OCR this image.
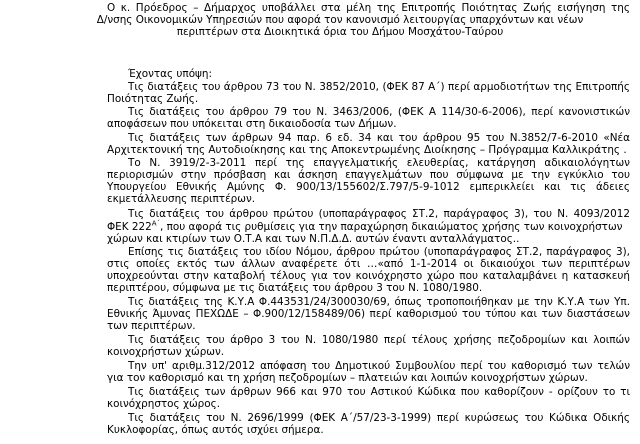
Ο κ. Πρόεδρος – Δήμαρχος υποβάλλει στα μέλη της Επιτροπής Ποιότητας Ζωής εισήγηση της

Δ/νσης Οικονομικών Υπηρεσιών που αφορά τον κανονισμό λειτουργίας υπαρχόντων και νέων

περιπτέρων στα Διοικητικά όρια του Δήμου Μοσχάτου-Ταύρου

Έχοντας υπόψη:

Τις διατάξεις του άρθρου 73 του Ν. 3852/2010, (ΦΕΚ 87 Α΄) περί αρμοδιοτήτων της Επιτροπής

Ποιότητας Ζωής.

Τις διατάξεις του άρθρου 79 του Ν. 3463/2006, (ΦΕΚ Α 114/30-6-2006), περί κανονιστικών

αποφάσεων που υπόκειται στη δικαιοδοσία των Δήμων.

Τις διατάξεις των άρθρων 94 παρ. 6 εδ. 34 και του άρθρου 95 του Ν.3852/7-6-2010 «Νέα

Αρχιτεκτονική της Αυτοδιοίκησης και της Αποκεντρωμένης Διοίκησης – Πρόγραμμα Καλλικράτης .

Το Ν. 3919/2-3-2011 περί της επαγγελματικής ελευθερίας, κατάργηση αδικαιολόγητων

περιορισμών στην πρόσβαση και άσκηση επαγγελμάτων που σύμφωνα με την εγκύκλιο του

Υπουργείου Εθνικής Αμύνης Φ. 900/13/155602/Σ.797/5-9-1012 εμπερικλείει και τις άδειες

εκμετάλλευσης περιπτέρων.

Τις διατάξεις του άρθρου πρώτου (υποπαράγραφος ΣΤ.2, παράγραφος 3), του Ν. 4093/2012

ΦΕΚ $222^{A΄}$, που αφορά τις ρυθμίσεις για την παραχώρηση δικαιώματος χρήσης των κοινοχρήστων

χώρων και κτιρίων των Ο.Τ.Α και των Ν.Π.Δ.Δ. αυτών έναντι ανταλλάγματος..

Επίσης τις διατάξεις του ιδίου Νόμου, άρθρου πρώτου (υποπαράγραφος ΣΤ.2, παράγραφος 3),

στις οποίες εκτός των άλλων αναφέρετε ότι …«από 1-1-2014 οι δικαιούχοι των περιπτέρων

υποχρεούνται στην καταβολή τέλους για τον κοινόχρηστο χώρο που καταλαμβάνει η κατασκευή

περιπτέρου, σύμφωνα με τις διατάξεις του άρθρου 3 του Ν. 1080/1980.

Τις διατάξεις της Κ.Υ.Α Φ.443531/24/300030/69, όπως τροποποιήθηκαν με την Κ.Υ.Α των Υπ.

Εθνικής Άμυνας ΠΕΧΩΔΕ – Φ.900/12/158489/06) περί καθορισμού του τύπου και των διαστάσεων

των περιπτέρων.

Τις διατάξεις του άρθρο 3 του Ν. 1080/1980 περί τέλους χρήσης πεζοδρομίων και λοιπών

κοινοχρήστων χώρων.

Την υπ' αριθμ.312/2012 απόφαση του Δημοτικού Συμβουλίου περί του καθορισμό των τελών

για τον καθορισμό και τη χρήση πεζοδρομίων – πλατειών και λοιπών κοινοχρήστων χώρων.

Τις διατάξεις των άρθρων 966 και 970 του Αστικού Κώδικα που καθορίζουν - ορίζουν το τι

κοινόχρηστος χώρος.

Τις διατάξεις του Ν. 2696/1999 (ΦΕΚ Α΄/57/23-3-1999) περί κυρώσεως του Κώδικα Οδικής

Κυκλοφορίας, όπως αυτός ισχύει σήμερα.
